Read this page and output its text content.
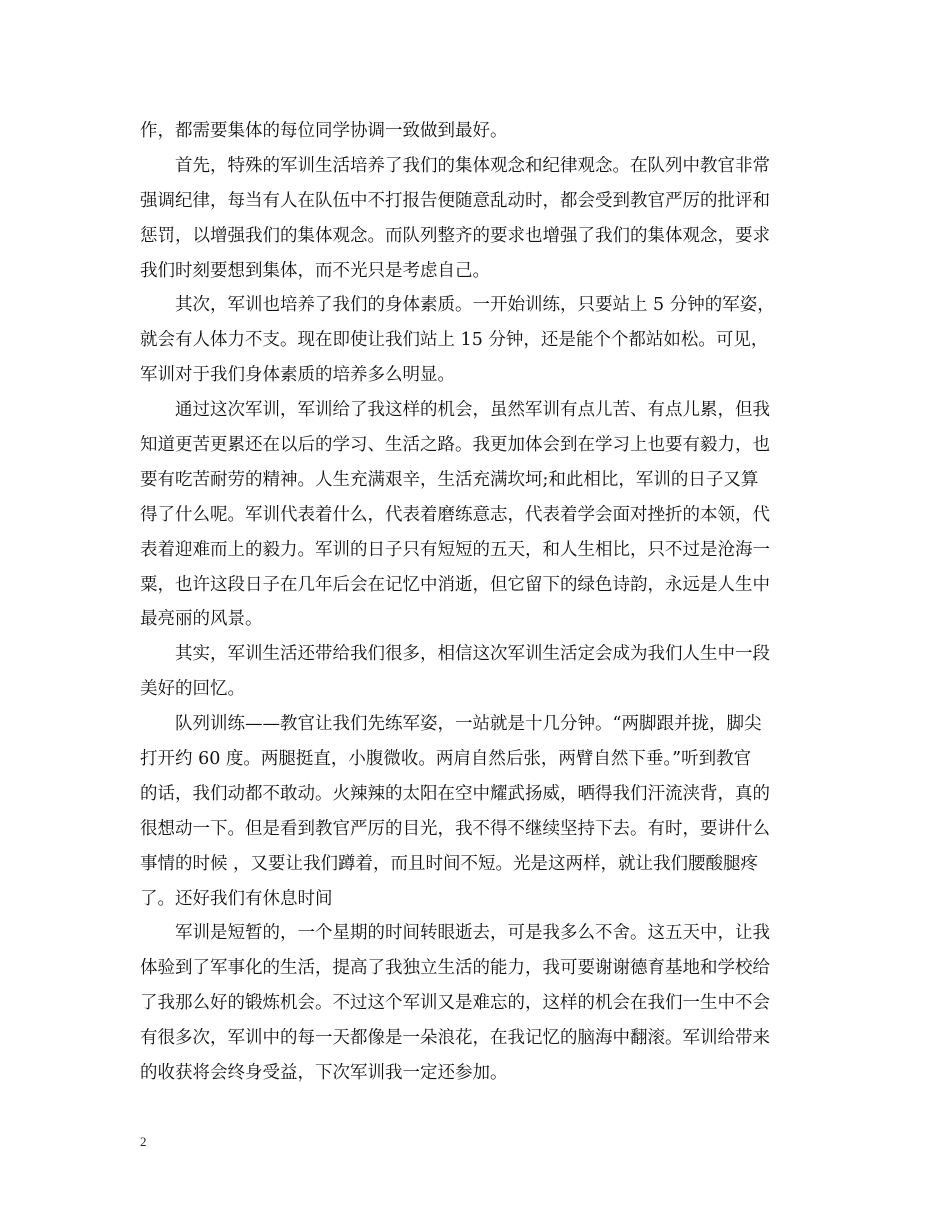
作，都需要集体的每位同学协调一致做到最好。
首先，特殊的军训生活培养了我们的集体观念和纪律观念。在队列中教官非常
强调纪律，每当有人在队伍中不打报告便随意乱动时，都会受到教官严厉的批评和
惩罚，以增强我们的集体观念。而队列整齐的要求也增强了我们的集体观念，要求
我们时刻要想到集体，而不光只是考虑自己。
其次，军训也培养了我们的身体素质。一开始训练，只要站上 5 分钟的军姿，
就会有人体力不支。现在即使让我们站上 15 分钟，还是能个个都站如松。可见，
军训对于我们身体素质的培养多么明显。
通过这次军训，军训给了我这样的机会，虽然军训有点儿苦、有点儿累，但我
知道更苦更累还在以后的学习、生活之路。我更加体会到在学习上也要有毅力，也
要有吃苦耐劳的精神。人生充满艰辛，生活充满坎坷;和此相比，军训的日子又算
得了什么呢。军训代表着什么，代表着磨练意志，代表着学会面对挫折的本领，代
表着迎难而上的毅力。军训的日子只有短短的五天，和人生相比，只不过是沧海一
粟，也许这段日子在几年后会在记忆中消逝，但它留下的绿色诗韵，永远是人生中
最亮丽的风景。
其实，军训生活还带给我们很多，相信这次军训生活定会成为我们人生中一段
美好的回忆。
队列训练——教官让我们先练军姿，一站就是十几分钟。“两脚跟并拢，脚尖
打开约 60 度。两腿挺直，小腹微收。两肩自然后张，两臂自然下垂。”听到教官
的话，我们动都不敢动。火辣辣的太阳在空中耀武扬威，晒得我们汗流浃背，真的
很想动一下。但是看到教官严厉的目光，我不得不继续坚持下去。有时，要讲什么
事情的时候 ，又要让我们蹲着，而且时间不短。光是这两样，就让我们腰酸腿疼
了。还好我们有休息时间
军训是短暂的，一个星期的时间转眼逝去，可是我多么不舍。这五天中，让我
体验到了军事化的生活，提高了我独立生活的能力，我可要谢谢德育基地和学校给
了我那么好的锻炼机会。不过这个军训又是难忘的，这样的机会在我们一生中不会
有很多次，军训中的每一天都像是一朵浪花，在我记忆的脑海中翻滚。军训给带来
的收获将会终身受益，下次军训我一定还参加。
2
